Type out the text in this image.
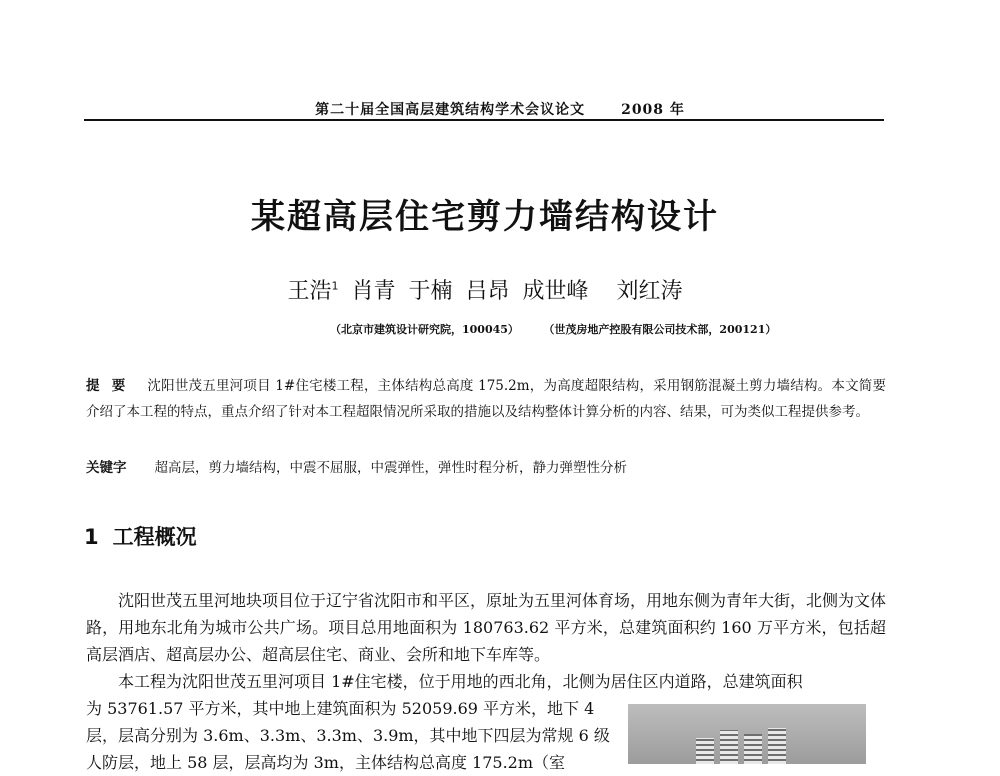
第二十届全国高层建筑结构学术会议论文	2008 年
某超高层住宅剪力墙结构设计
王浩$^1$ 肖青 于楠 吕昂 成世峰 刘红涛
（北京市建筑设计研究院，100045）	（世茂房地产控股有限公司技术部，200121）
提要 沈阳世茂五里河项目 1#住宅楼工程，主体结构总高度 175.2m，为高度超限结构，采用钢筋混凝土剪力墙结构。本文简要介绍了本工程的特点，重点介绍了针对本工程超限情况所采取的措施以及结构整体计算分析的内容、结果，可为类似工程提供参考。
关键字 超高层，剪力墙结构，中震不屈服，中震弹性，弹性时程分析，静力弹塑性分析
1 工程概况
沈阳世茂五里河地块项目位于辽宁省沈阳市和平区，原址为五里河体育场，用地东侧为青年大街，北侧为文体路，用地东北角为城市公共广场。项目总用地面积为 180763.62 平方米，总建筑面积约 160 万平方米，包括超高层酒店、超高层办公、超高层住宅、商业、会所和地下车库等。
本工程为沈阳世茂五里河项目 1#住宅楼，位于用地的西北角，北侧为居住区内道路，总建筑面积
为 53761.57 平方米，其中地上建筑面积为 52059.69 平方米，地下 4 层，层高分别为 3.6m、3.3m、3.3m、3.9m，其中地下四层为常规 6 级人防层，地上 58 层，层高均为 3m，主体结构总高度 175.2m（室
